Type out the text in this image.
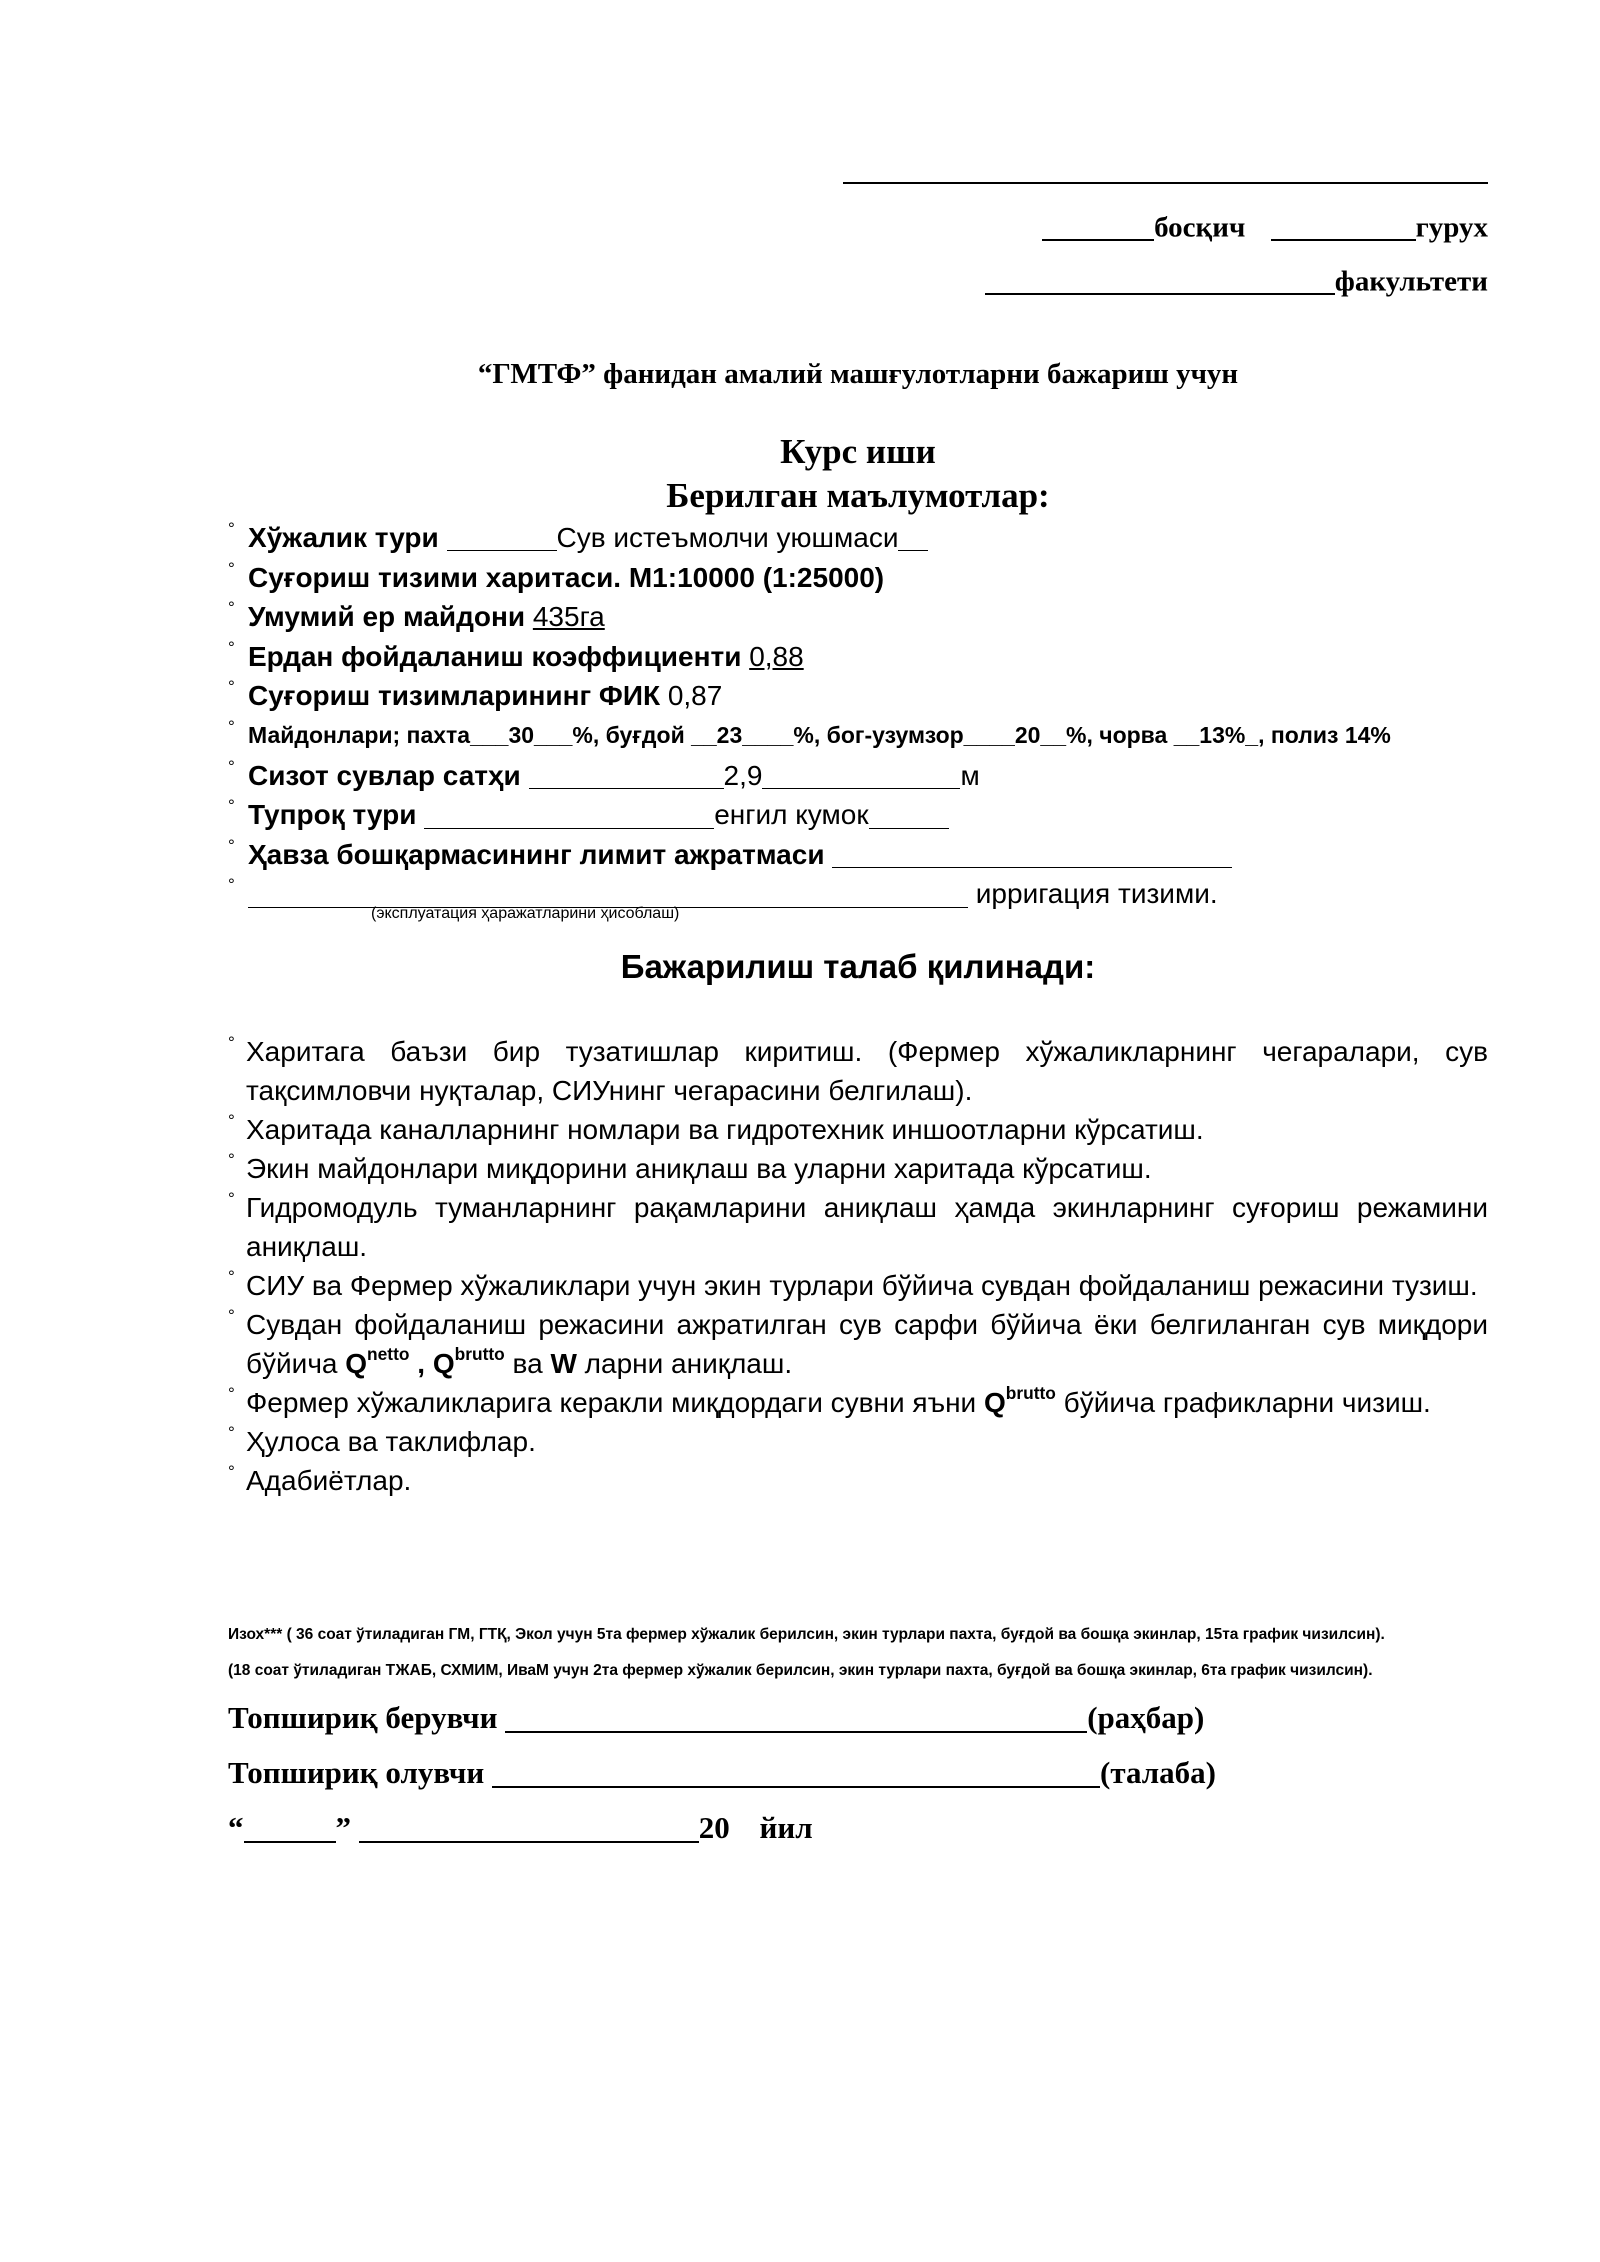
босқич	гурух
факультети
“ГМТФ” фанидан амалий машғулотларни бажариш учун
Курс иши
Берилган маълумотлар:
° Хўжалик тури	Сув истеъмолчи уюшмаси
° Суғориш тизими харитаси. М1:10000 (1:25000)
° Умумий ер майдони 435га
° Ердан фойдаланиш коэффициенти 0,88
° Суғориш тизимларининг ФИК 0,87
° Майдонлари; пахта___30___%, буғдой __23____%, бoг-узумзор____20__%, чорва __13%_, полиз 14%
° Сизот сувлар сатҳи	2,9	м
° Тупроқ тури	енгил кумок
° Ҳавза бошқармасининг лимит ажратмаси
°	ирригация тизими.
(эксплуатация ҳаражатларини ҳисоблаш)
Бажарилиш талаб қилинади:
° Харитага баъзи бир тузатишлар киритиш. (Фермер хўжаликларнинг чегаралари, сув тақсимловчи нуқталар, СИУнинг чегарасини белгилаш).
° Харитада каналларнинг номлари ва гидротехник иншоотларни кўрсатиш.
° Экин майдонлари миқдорини аниқлаш ва уларни харитада кўрсатиш.
° Гидромодуль туманларнинг рақамларини аниқлаш ҳамда экинларнинг суғориш режамини аниқлаш.
° СИУ ва Фермер хўжаликлари учун экин турлари бўйича сувдан фойдаланиш режасини тузиш.
° Сувдан фойдаланиш режасини ажратилган сув сарфи бўйича ёки белгиланган сув миқдори бўйича $Q^{netto}$ , $Q^{brutto}$ ва W ларни аниқлаш.
° Фермер хўжаликларига керакли миқдордаги сувни яъни $Q^{brutto}$ бўйича графикларни чизиш.
° Ҳулоса ва таклифлар.
° Адабиётлар.
Изох*** ( 36 соат ўтиладиган ГМ, ГТҚ, Экол учун 5та фермер хўжалик берилсин, экин турлари пахта, буғдой ва бошқа экинлар, 15та график чизилсин).
(18 соат ўтиладиган ТЖАБ, СХМИМ, ИваМ учун 2та фермер хўжалик берилсин, экин турлари пахта, буғдой ва бошқа экинлар, 6та график чизилсин).
Топшириқ берувчи	(раҳбар)
Топшириқ олувчи	(талаба)
“	”	20 йил
